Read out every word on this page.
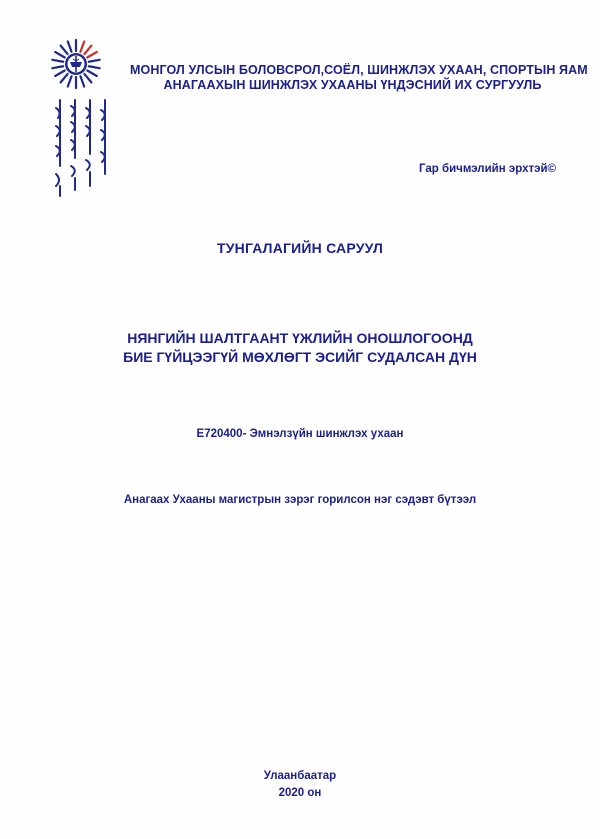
МОНГОЛ УЛСЫН БОЛОВСРОЛ,СОЁЛ, ШИНЖЛЭХ УХААН, СПОРТЫН ЯАМ
АНАГААХЫН ШИНЖЛЭХ УХААНЫ ҮНДЭСНИЙ ИХ СУРГУУЛЬ
Гар бичмэлийн эрхтэй©
ТУНГАЛАГИЙН САРУУЛ
НЯНГИЙН ШАЛТГААНТ ҮЖЛИЙН ОНОШЛОГООНД
БИЕ ГҮЙЦЭЭГҮЙ МӨХЛӨГТ ЭСИЙГ СУДАЛСАН ДҮН
E720400- Эмнэлзүйн шинжлэх ухаан
Анагаах Ухааны магистрын зэрэг горилсон нэг сэдэвт бүтээл
Улаанбаатар
2020 он
